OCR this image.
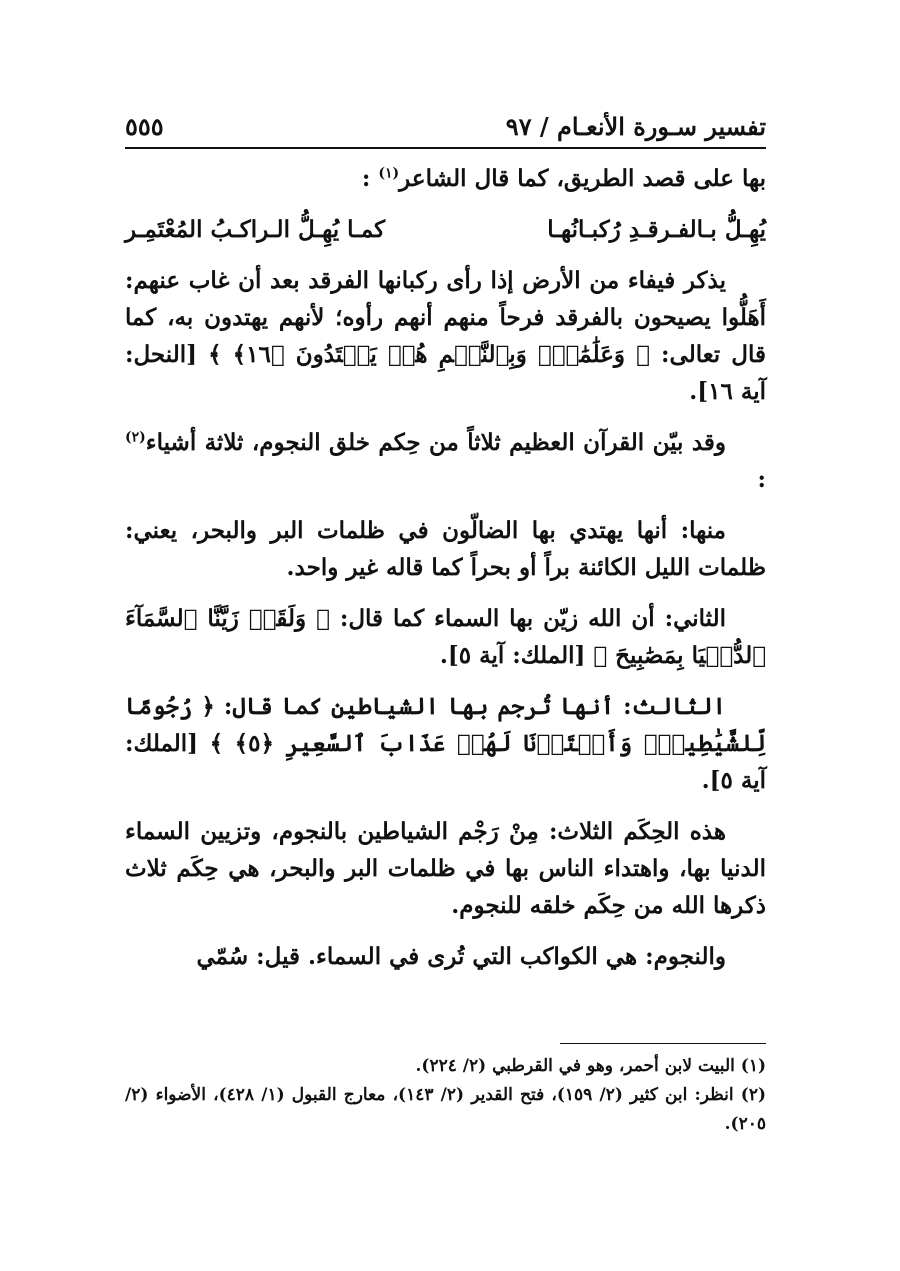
تفسير سـورة الأنعـام / ٩٧
٥٥٥

بها على قصد الطريق، كما قال الشاعر$^{(١)}$ :

يُهِـلُّ بـالفـرقـدِ رُكبـانُهـا
كمـا يُهِـلُّ الـراكـبُ المُعْتَمِـر

يذكر فيفاء من الأرض إذا رأى ركبانها الفرقد بعد أن غاب عنهم: أَهَلُّوا يصيحون بالفرقد فرحاً منهم أنهم رأوه؛ لأنهم يهتدون به، كما قال تعالى: ﴿ وَعَلَٰمَٰتٍۚ وَبِٱلنَّجۡمِ هُمۡ يَهۡتَدُونَ ﴿١٦﴾ ﴾ [النحل: آية ١٦].

وقد بيّن القرآن العظيم ثلاثاً من حِكم خلق النجوم، ثلاثة أشياء$^{(٢)}$ :

منها: أنها يهتدي بها الضالّون في ظلمات البر والبحر، يعني: ظلمات الليل الكائنة براً أو بحراً كما قاله غير واحد.

الثاني: أن الله زيّن بها السماء كما قال: ﴿ وَلَقَدۡ زَيَّنَّا ٱلسَّمَآءَ ٱلدُّنۡيَا بِمَصَٰبِيحَ ﴾ [الملك: آية ٥].

الثالث: أنها تُرجم بها الشياطين كما قال: ﴿ رُجُومًا لِّلشَّيَٰطِينِۖ وَأَعۡتَدۡنَا لَهُمۡ عَذَابَ ٱلسَّعِيرِ ﴿٥﴾ ﴾ [الملك: آية ٥].

هذه الحِكَم الثلاث: مِنْ رَجْم الشياطين بالنجوم، وتزيين السماء الدنيا بها، واهتداء الناس بها في ظلمات البر والبحر، هي حِكَم ثلاث ذكرها الله من حِكَم خلقه للنجوم.

والنجوم: هي الكواكب التي تُرى في السماء. قيل: سُمّي

(١) البيت لابن أحمر، وهو في القرطبي (٢/ ٢٢٤).

(٢) انظر: ابن كثير (٢/ ١٥٩)، فتح القدير (٢/ ١٤٣)، معارج القبول (١/ ٤٢٨)، الأضواء (٢/ ٢٠٥).
